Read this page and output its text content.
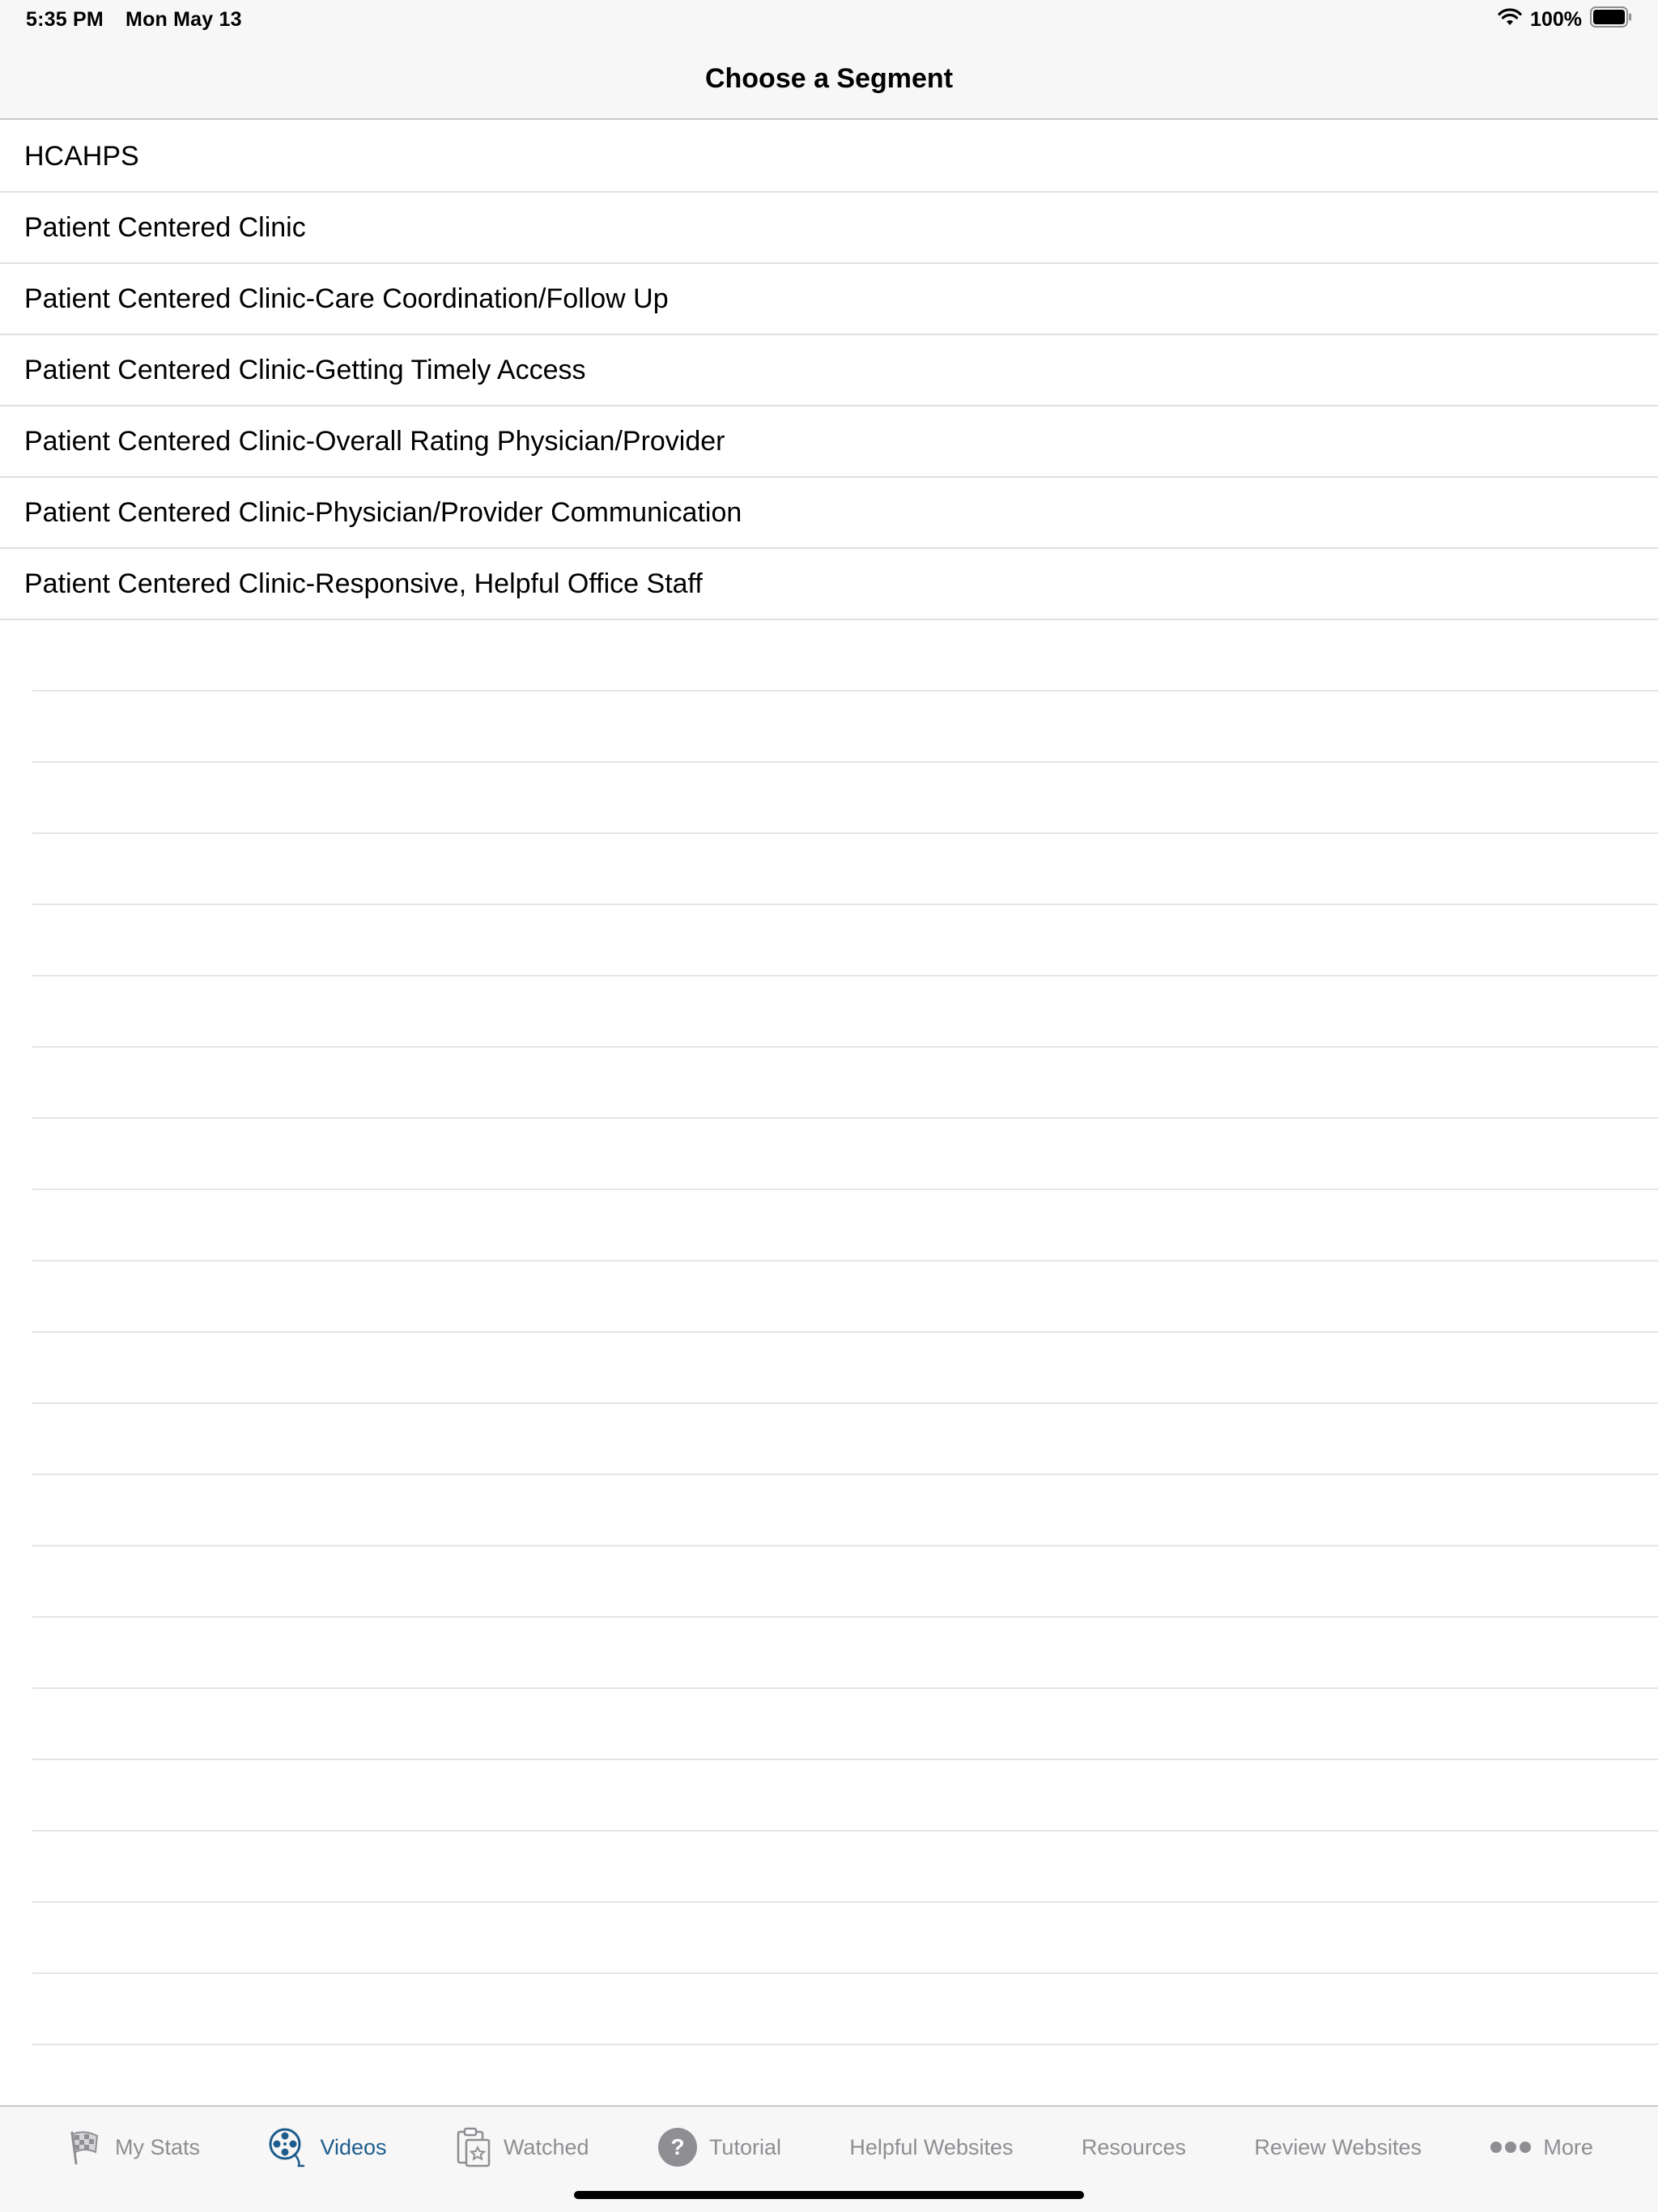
5:35 PM Mon May 13	100%
Choose a Segment
HCAHPS
Patient Centered Clinic
Patient Centered Clinic-Care Coordination/Follow Up
Patient Centered Clinic-Getting Timely Access
Patient Centered Clinic-Overall Rating Physician/Provider
Patient Centered Clinic-Physician/Provider Communication
Patient Centered Clinic-Responsive, Helpful Office Staff
My Stats	Videos	Watched	? Tutorial	Helpful Websites	Resources	Review Websites	More
